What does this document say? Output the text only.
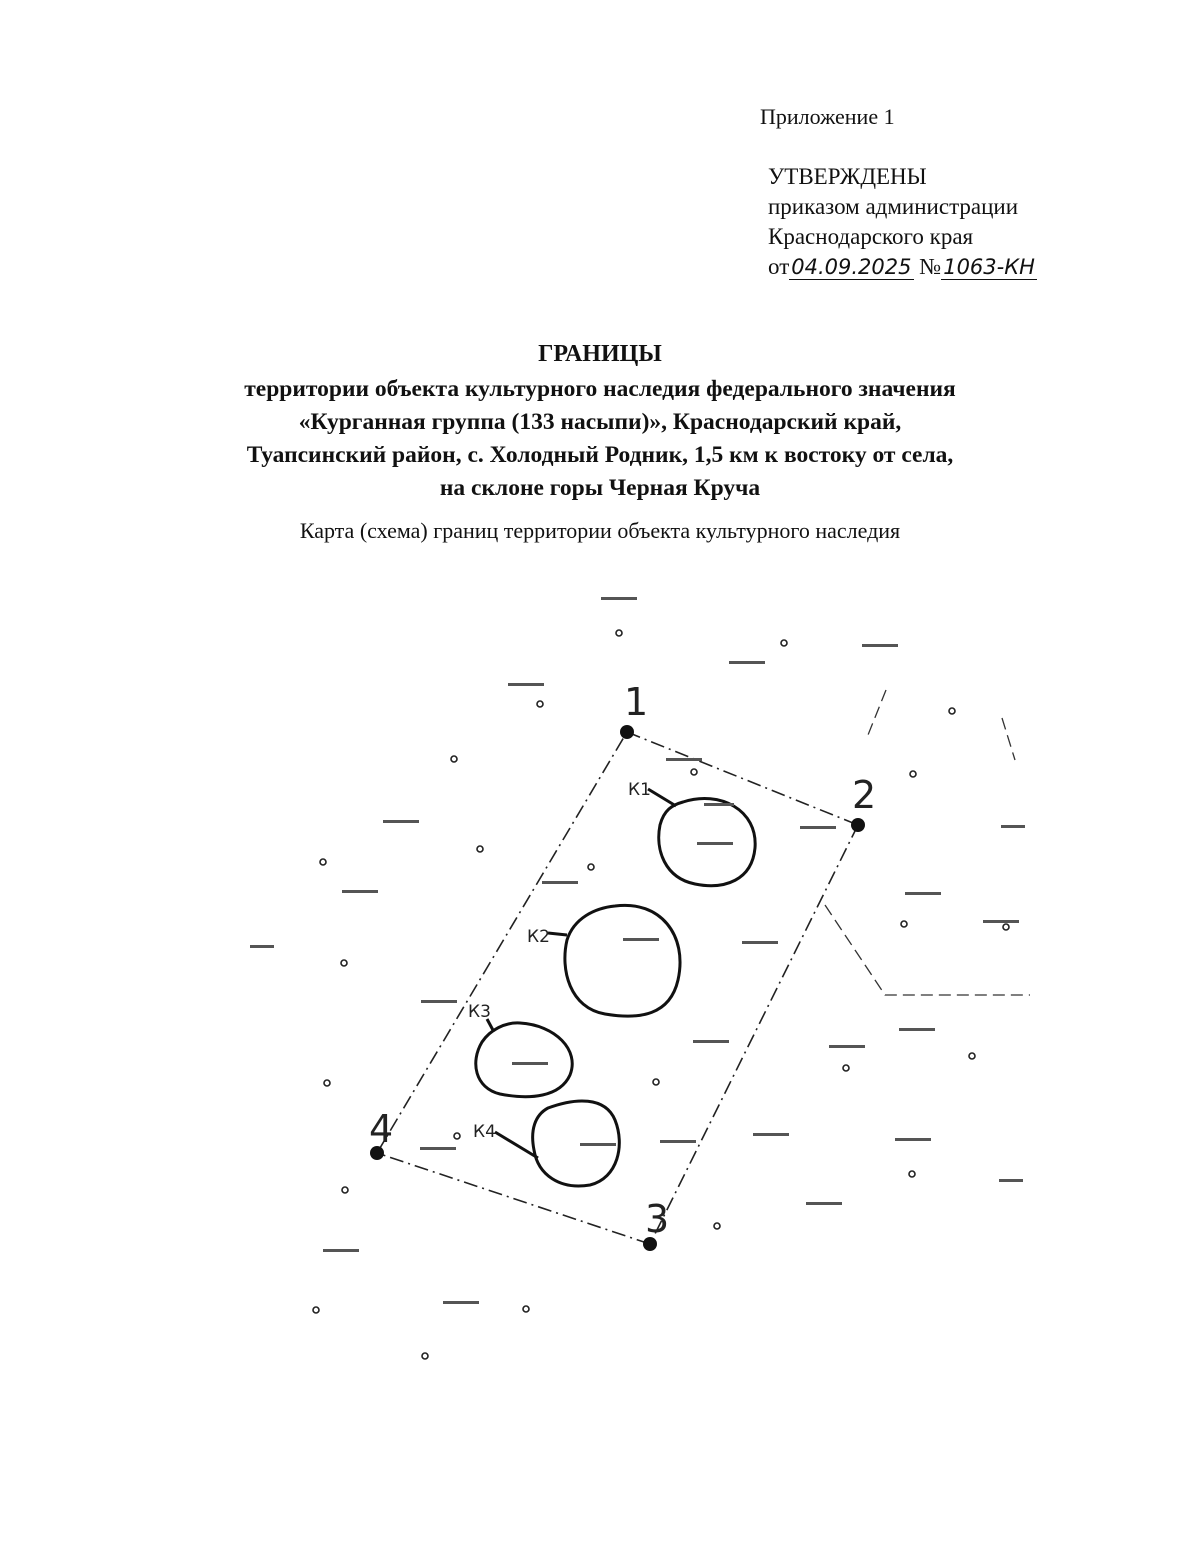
Приложение 1
УТВЕРЖДЕНЫ
приказом администрации
Краснодарского края
от04.09.2025 №1063-КН
ГРАНИЦЫ
территории объекта культурного наследия федерального значения
«Курганная группа (133 насыпи)», Краснодарский край,
Туапсинский район, с. Холодный Родник, 1,5 км к востоку от села,
на склоне горы Черная Круча
Карта (схема) границ территории объекта культурного наследия
К1
К2
К3
К4
1
2
3
4
